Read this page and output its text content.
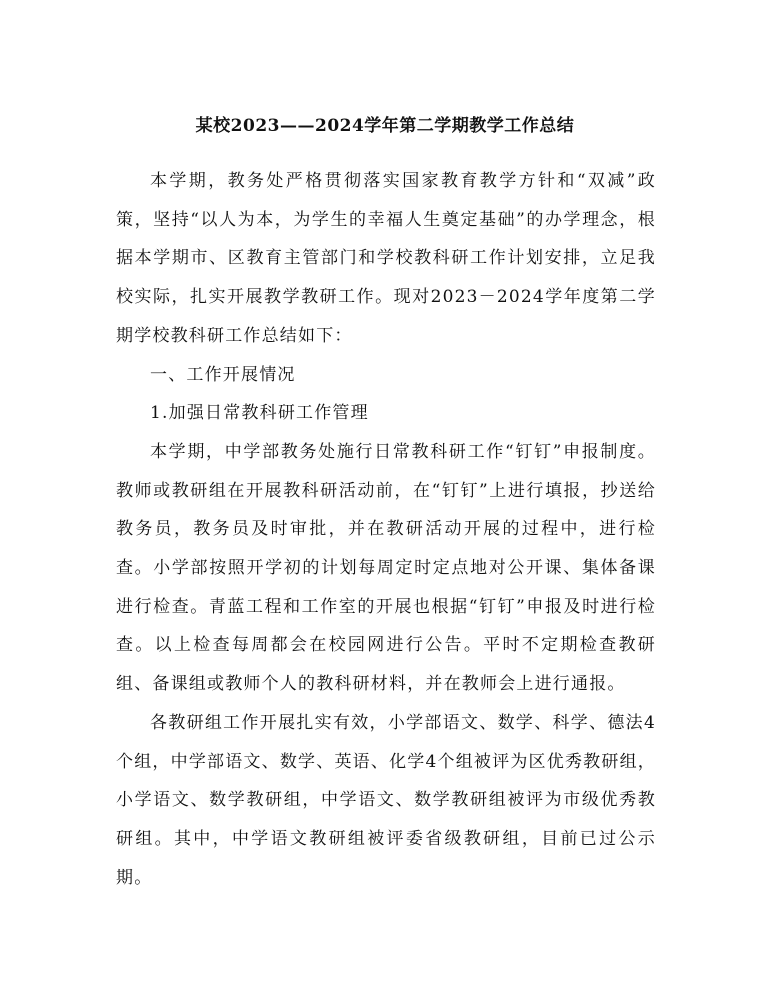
某校2023——2024学年第二学期教学工作总结

本学期，教务处严格贯彻落实国家教育教学方针和“双减”政策，坚持“以人为本，为学生的幸福人生奠定基础”的办学理念，根据本学期市、区教育主管部门和学校教科研工作计划安排，立足我校实际，扎实开展教学教研工作。现对2023－2024学年度第二学期学校教科研工作总结如下：

一、工作开展情况

1.加强日常教科研工作管理

本学期，中学部教务处施行日常教科研工作“钉钉”申报制度。教师或教研组在开展教科研活动前，在“钉钉”上进行填报，抄送给教务员，教务员及时审批，并在教研活动开展的过程中，进行检查。小学部按照开学初的计划每周定时定点地对公开课、集体备课进行检查。青蓝工程和工作室的开展也根据“钉钉”申报及时进行检查。以上检查每周都会在校园网进行公告。平时不定期检查教研组、备课组或教师个人的教科研材料，并在教师会上进行通报。

各教研组工作开展扎实有效，小学部语文、数学、科学、德法4个组，中学部语文、数学、英语、化学4个组被评为区优秀教研组，小学语文、数学教研组，中学语文、数学教研组被评为市级优秀教研组。其中，中学语文教研组被评委省级教研组，目前已过公示期。
